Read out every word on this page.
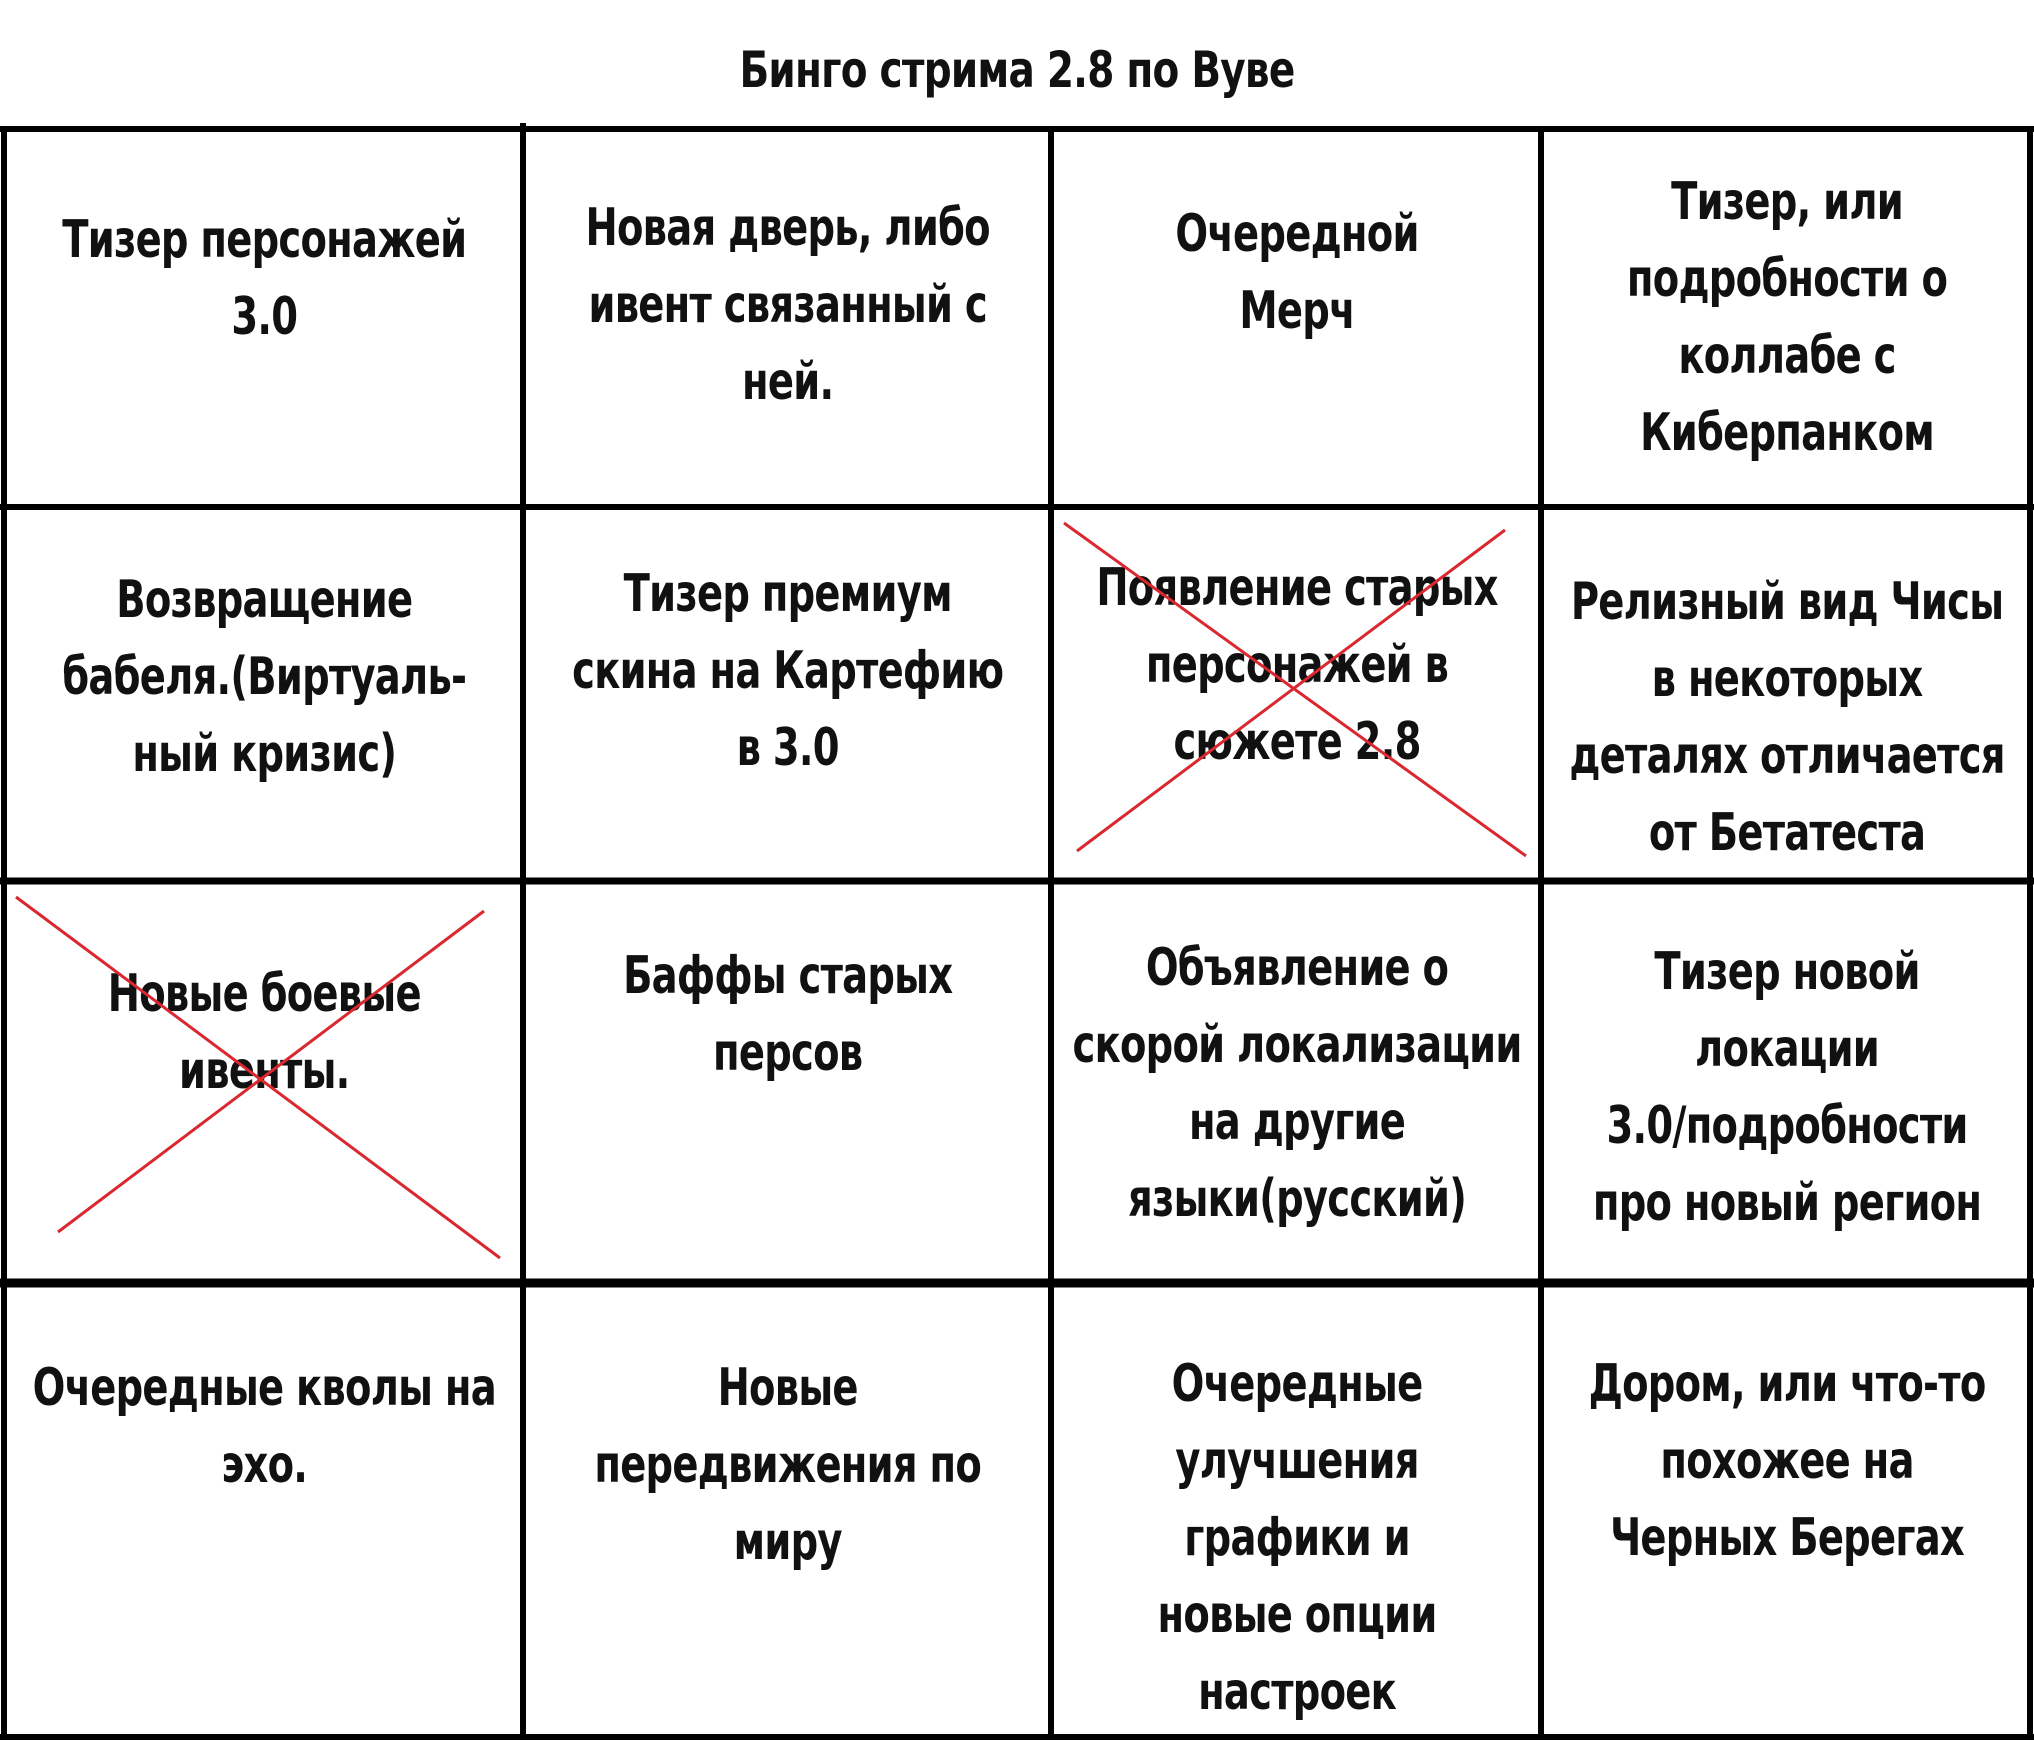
Бинго стрима 2.8 по Вуве
Тизер персонажей
3.0
Новая дверь, либо
ивент связанный с
ней.
Очередной
Мерч
Тизер, или
подробности о
коллабе с
Киберпанком
Возвращение
бабеля.(Виртуаль-
ный кризис)
Тизер премиум
скина на Картефию
в 3.0
Появление старых
персонажей в
сюжете 2.8
Релизный вид Чисы
в некоторых
деталях отличается
от Бетатеста
Новые боевые
ивенты.
Баффы старых
персов
Объявление о
скорой локализации
на другие
языки(русский)
Тизер новой
локации
3.0/подробности
про новый регион
Очередные кволы на
эхо.
Новые
передвижения по
миру
Очередные
улучшения
графики и
новые опции
настроек
Дором, или что-то
похожее на
Черных Берегах
